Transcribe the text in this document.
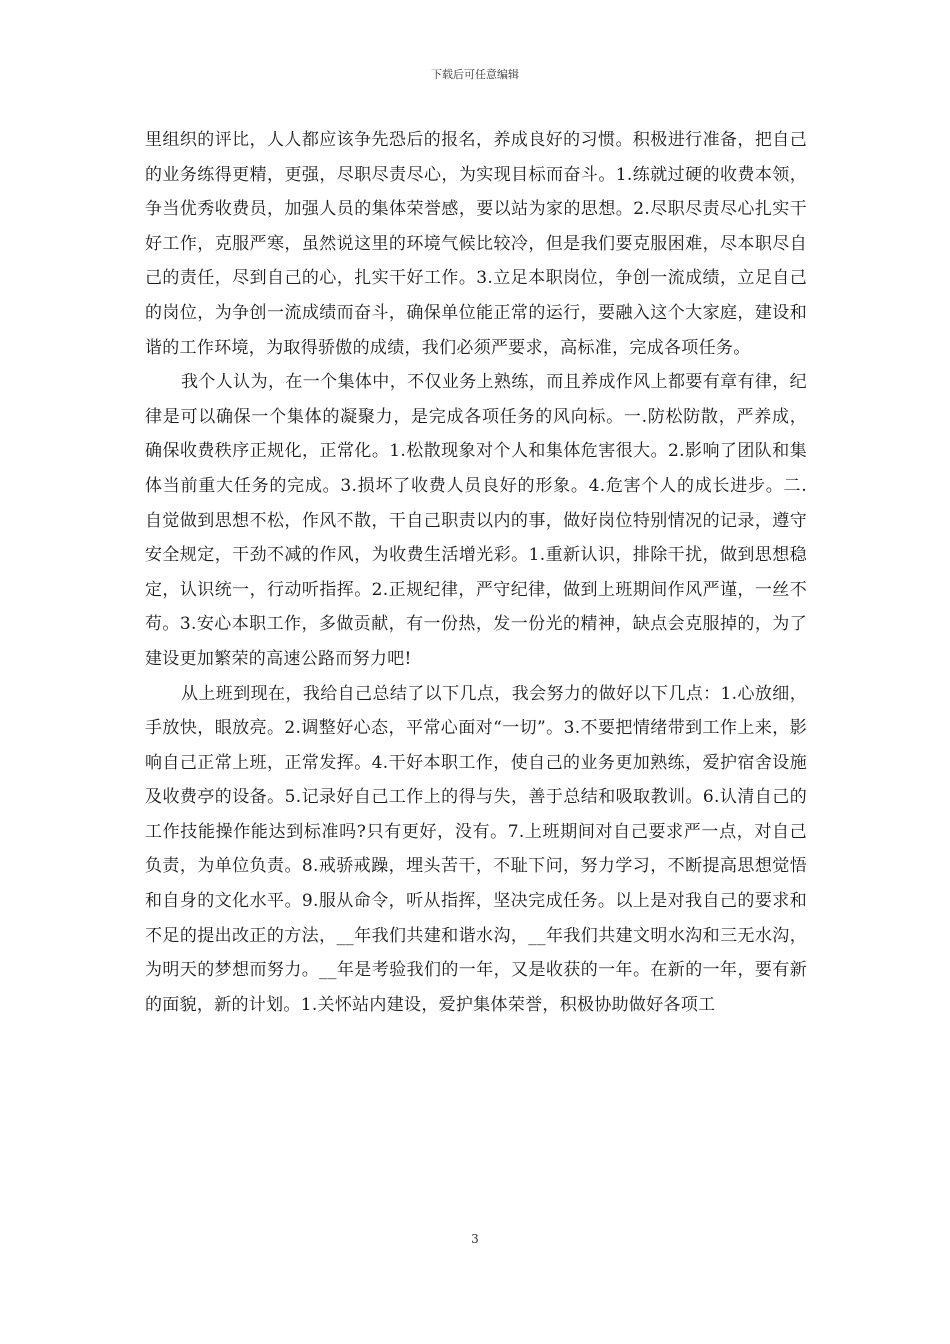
下载后可任意编辑

里组织的评比，人人都应该争先恐后的报名，养成良好的习惯。积极进行准备，把自己的业务练得更精，更强，尽职尽责尽心，为实现目标而奋斗。1.练就过硬的收费本领，争当优秀收费员，加强人员的集体荣誉感，要以站为家的思想。2.尽职尽责尽心扎实干好工作，克服严寒，虽然说这里的环境气候比较冷，但是我们要克服困难，尽本职尽自己的责任，尽到自己的心，扎实干好工作。3.立足本职岗位，争创一流成绩，立足自己的岗位，为争创一流成绩而奋斗，确保单位能正常的运行，要融入这个大家庭，建设和谐的工作环境，为取得骄傲的成绩，我们必须严要求，高标准，完成各项任务。

我个人认为，在一个集体中，不仅业务上熟练，而且养成作风上都要有章有律，纪律是可以确保一个集体的凝聚力，是完成各项任务的风向标。一.防松防散，严养成，确保收费秩序正规化，正常化。1.松散现象对个人和集体危害很大。2.影响了团队和集体当前重大任务的完成。3.损坏了收费人员良好的形象。4.危害个人的成长进步。二.自觉做到思想不松，作风不散，干自己职责以内的事，做好岗位特别情况的记录，遵守安全规定，干劲不减的作风，为收费生活增光彩。1.重新认识，排除干扰，做到思想稳定，认识统一，行动听指挥。2.正规纪律，严守纪律，做到上班期间作风严谨，一丝不苟。3.安心本职工作，多做贡献，有一份热，发一份光的精神，缺点会克服掉的，为了建设更加繁荣的高速公路而努力吧!

从上班到现在，我给自己总结了以下几点，我会努力的做好以下几点：1.心放细，手放快，眼放亮。2.调整好心态，平常心面对“一切”。3.不要把情绪带到工作上来，影响自己正常上班，正常发挥。4.干好本职工作，使自己的业务更加熟练，爱护宿舍设施及收费亭的设备。5.记录好自己工作上的得与失，善于总结和吸取教训。6.认清自己的工作技能操作能达到标准吗?只有更好，没有。7.上班期间对自己要求严一点，对自己负责，为单位负责。8.戒骄戒躁，埋头苦干，不耻下问，努力学习，不断提高思想觉悟和自身的文化水平。9.服从命令，听从指挥，坚决完成任务。以上是对我自己的要求和不足的提出改正的方法，__年我们共建和谐水沟，__年我们共建文明水沟和三无水沟，为明天的梦想而努力。__年是考验我们的一年，又是收获的一年。在新的一年，要有新的面貌，新的计划。1.关怀站内建设，爱护集体荣誉，积极协助做好各项工

3
